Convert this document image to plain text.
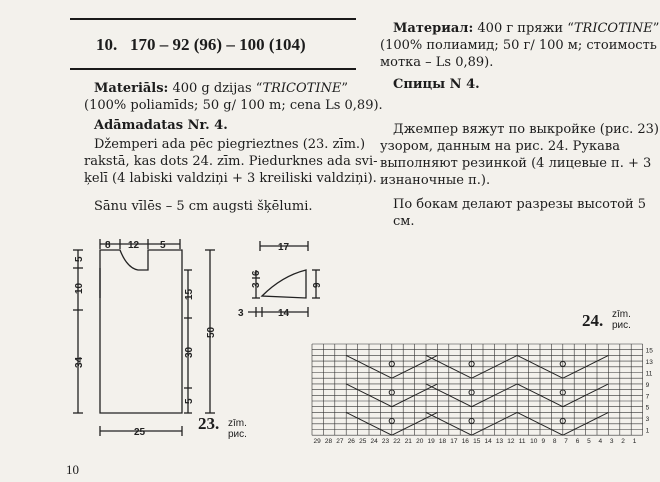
10. 170 – 92 (96) – 100 (104)

Materiāls: 400 g dzijas “TRICOTINE”

(100% poliamīds; 50 g/ 100 m; cena Ls 0,89).

Adāmadatas Nr. 4.

Džemperi ada pēc piegrieztnes (23. zīm.)

rakstā, kas dots 24. zīm. Piedurknes ada svi-

ķelī (4 labiski valdziņi + 3 kreiliski valdziņi).

Sānu vīlēs – 5 cm augsti šķēlumi.

Материал: 400 г пряжи “TRICOTINE”

(100% полиамид; 50 г/ 100 м; стоимость

мотка – Ls 0,89).

Спицы N 4.

Джемпер вяжут по выкройке (рис. 23)

узором, данным на рис. 24. Рукава

выполняют резинкой (4 лицевые п. + 3

изнаночные п.).

По бокам делают разрезы высотой 5 см.

8 12 5
5
10
34
15
30
5
50
25
17
3
6
9
3	14
23. zīm.
рис.
24. zīm.
рис.
29 28 27 26 25 24 23 22 21 20 19 18 17 16 15 14 13 12 11 10 9 8 7 6 5 4 3 2 1
15
13
11
9
7
5
3
1
10
